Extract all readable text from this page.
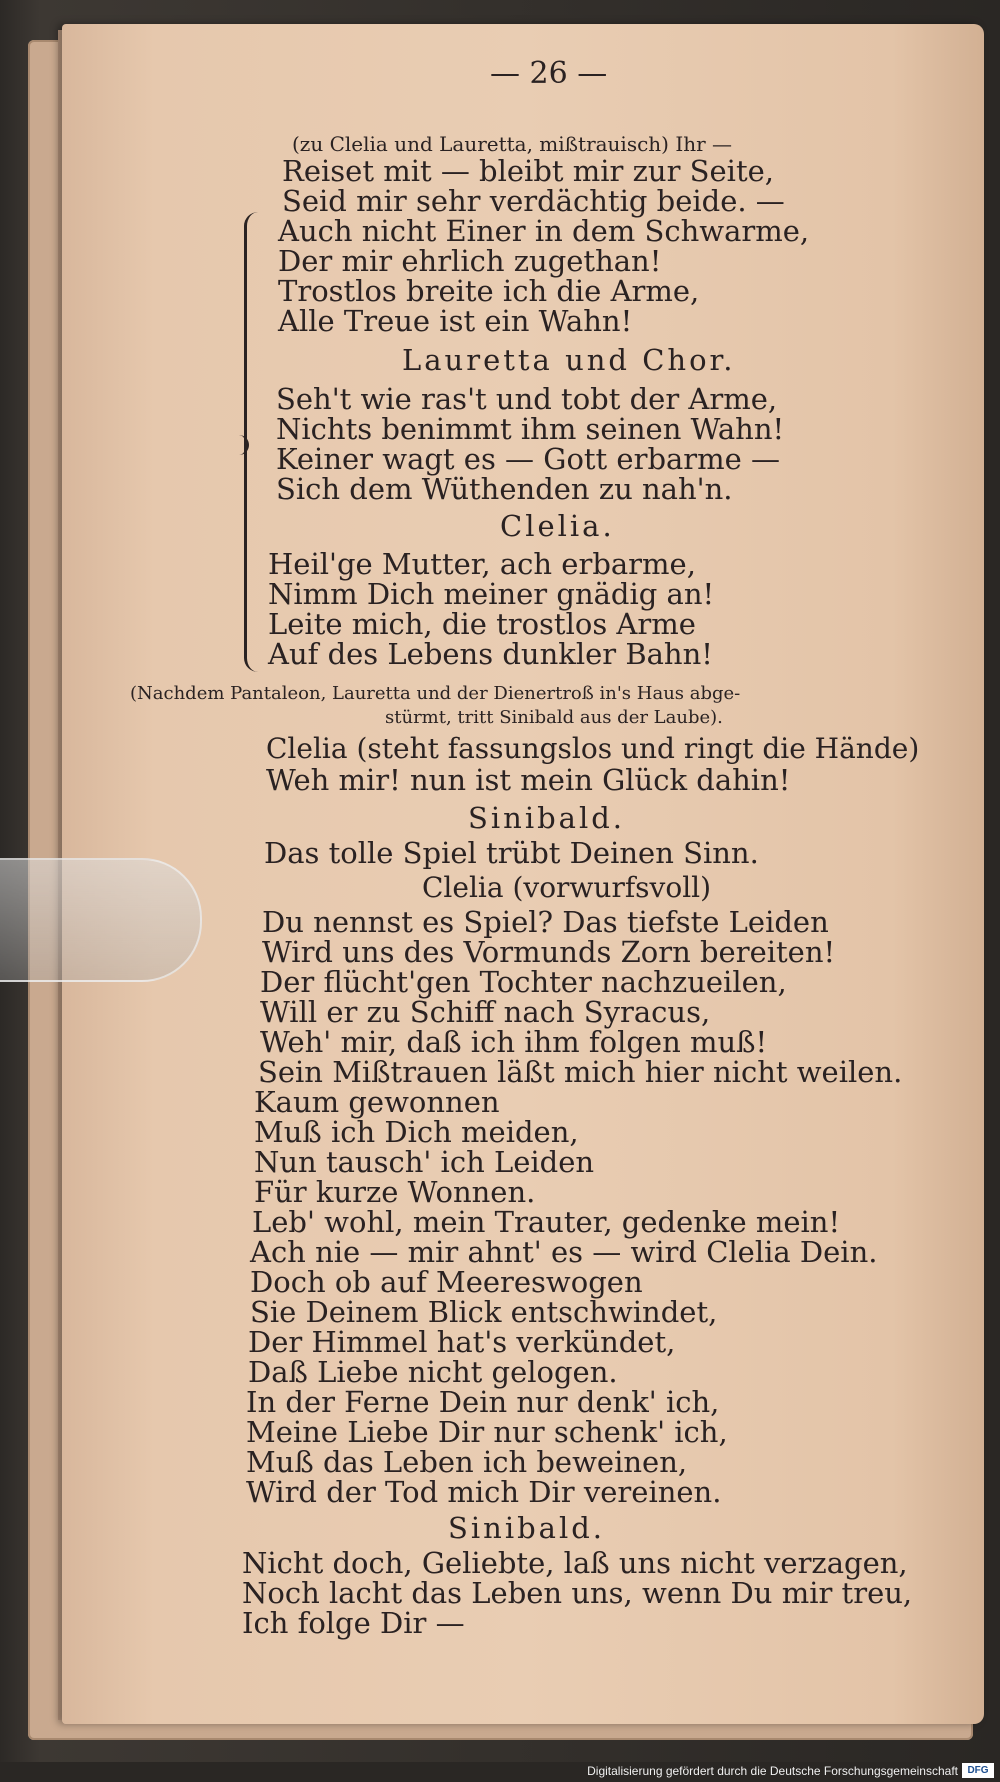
— 26 —
(zu Clelia und Lauretta, mißtrauisch) Ihr —
Reiset mit — bleibt mir zur Seite,
Seid mir sehr verdächtig beide. —
Auch nicht Einer in dem Schwarme,
Der mir ehrlich zugethan!
Trostlos breite ich die Arme,
Alle Treue ist ein Wahn!
Lauretta und Chor.
Seh't wie ras't und tobt der Arme,
Nichts benimmt ihm seinen Wahn!
Keiner wagt es — Gott erbarme —
Sich dem Wüthenden zu nah'n.
Clelia.
Heil'ge Mutter, ach erbarme,
Nimm Dich meiner gnädig an!
Leite mich, die trostlos Arme
Auf des Lebens dunkler Bahn!
(Nachdem Pantaleon, Lauretta und der Dienertroß in's Haus abge-
stürmt, tritt Sinibald aus der Laube).
Clelia (steht fassungslos und ringt die Hände)
Weh mir! nun ist mein Glück dahin!
Sinibald.
Das tolle Spiel trübt Deinen Sinn.
Clelia (vorwurfsvoll)
Du nennst es Spiel? Das tiefste Leiden
Wird uns des Vormunds Zorn bereiten!
Der flücht'gen Tochter nachzueilen,
Will er zu Schiff nach Syracus,
Weh' mir, daß ich ihm folgen muß!
Sein Mißtrauen läßt mich hier nicht weilen.
Kaum gewonnen
Muß ich Dich meiden,
Nun tausch' ich Leiden
Für kurze Wonnen.
Leb' wohl, mein Trauter, gedenke mein!
Ach nie — mir ahnt' es — wird Clelia Dein.
Doch ob auf Meereswogen
Sie Deinem Blick entschwindet,
Der Himmel hat's verkündet,
Daß Liebe nicht gelogen.
In der Ferne Dein nur denk' ich,
Meine Liebe Dir nur schenk' ich,
Muß das Leben ich beweinen,
Wird der Tod mich Dir vereinen.
Sinibald.
Nicht doch, Geliebte, laß uns nicht verzagen,
Noch lacht das Leben uns, wenn Du mir treu,
Ich folge Dir —
Digitalisierung gefördert durch die Deutsche Forschungsgemeinschaft DFG
